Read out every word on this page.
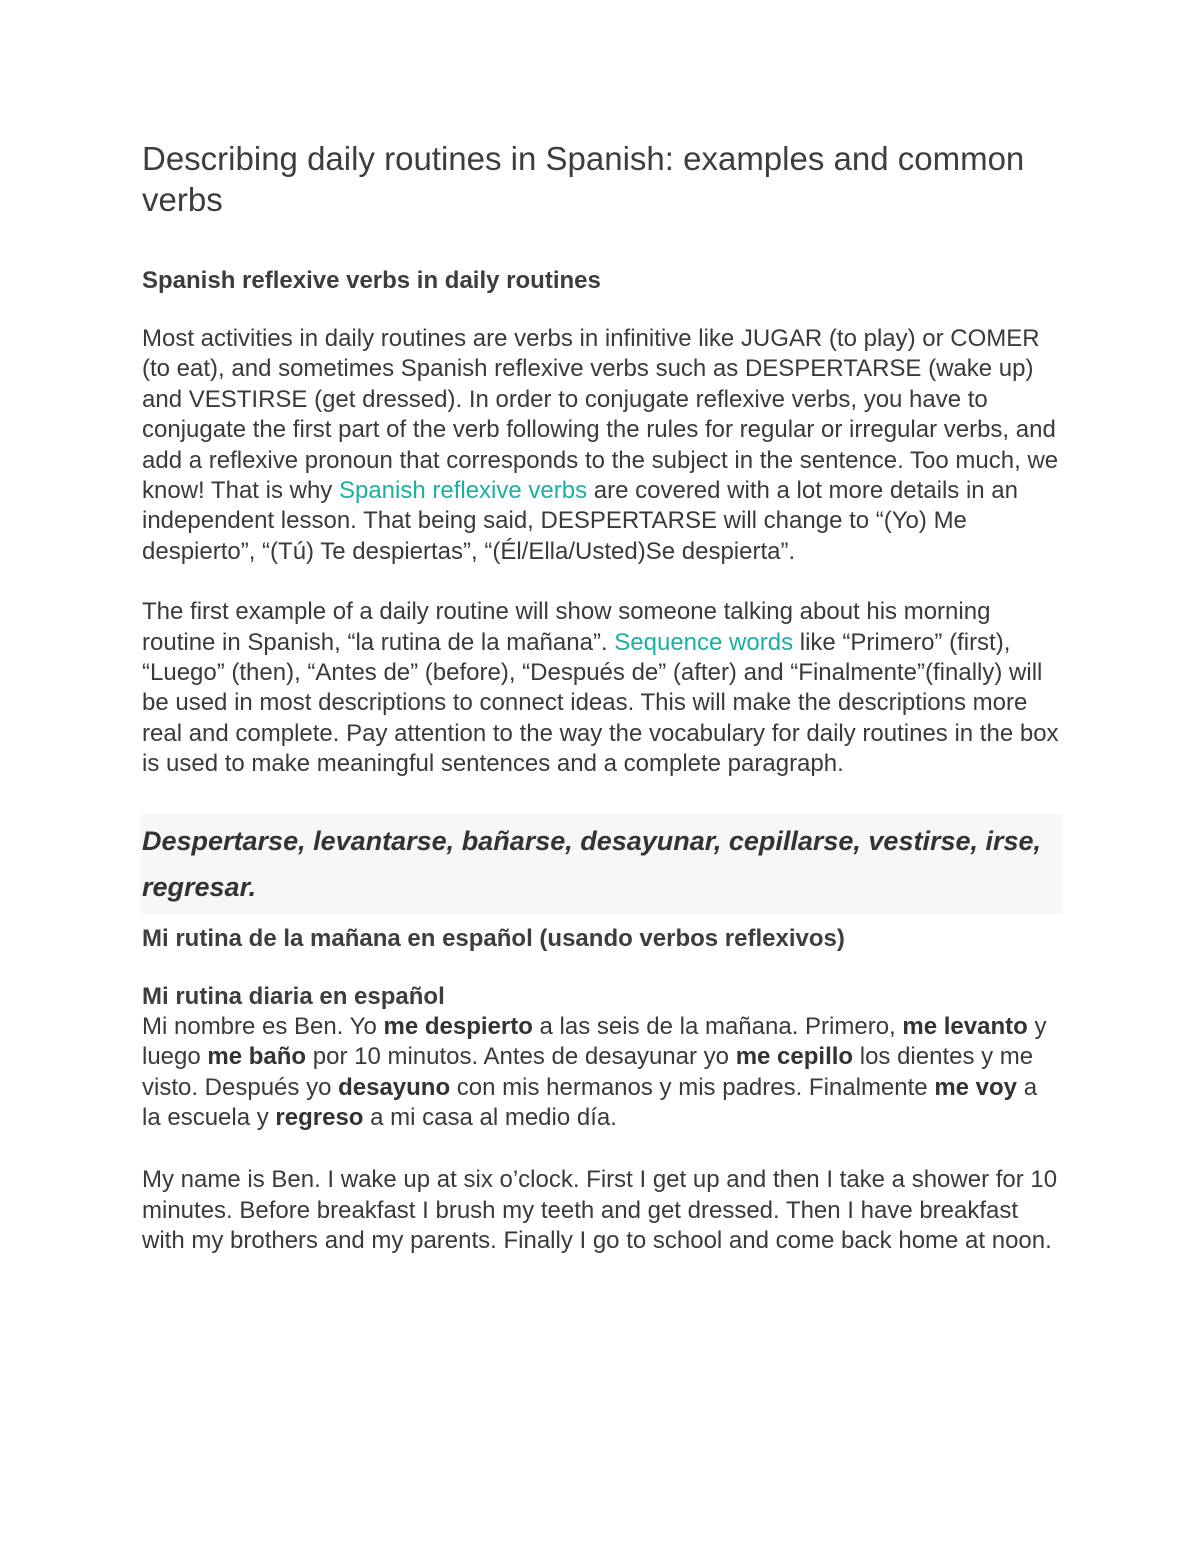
Describing daily routines in Spanish: examples and common verbs
Spanish reflexive verbs in daily routines

Most activities in daily routines are verbs in infinitive like JUGAR (to play) or COMER (to eat), and sometimes Spanish reflexive verbs such as DESPERTARSE (wake up) and VESTIRSE (get dressed). In order to conjugate reflexive verbs, you have to conjugate the first part of the verb following the rules for regular or irregular verbs, and add a reflexive pronoun that corresponds to the subject in the sentence. Too much, we know! That is why Spanish reflexive verbs are covered with a lot more details in an independent lesson. That being said, DESPERTARSE will change to “(Yo) Me despierto”, “(Tú) Te despiertas”, “(Él/Ella/Usted)Se despierta”.

The first example of a daily routine will show someone talking about his morning routine in Spanish, “la rutina de la mañana”. Sequence words like “Primero” (first), “Luego” (then), “Antes de” (before), “Después de” (after) and “Finalmente”(finally) will be used in most descriptions to connect ideas. This will make the descriptions more real and complete. Pay attention to the way the vocabulary for daily routines in the box is used to make meaningful sentences and a complete paragraph.

Despertarse, levantarse, bañarse, desayunar, cepillarse, vestirse, irse, regresar.
Mi rutina de la mañana en español (usando verbos reflexivos)
Mi rutina diaria en español

Mi nombre es Ben. Yo me despierto a las seis de la mañana. Primero, me levanto y luego me baño por 10 minutos. Antes de desayunar yo me cepillo los dientes y me visto. Después yo desayuno con mis hermanos y mis padres. Finalmente me voy a la escuela y regreso a mi casa al medio día.

My name is Ben. I wake up at six o’clock. First I get up and then I take a shower for 10 minutes. Before breakfast I brush my teeth and get dressed. Then I have breakfast with my brothers and my parents. Finally I go to school and come back home at noon.
